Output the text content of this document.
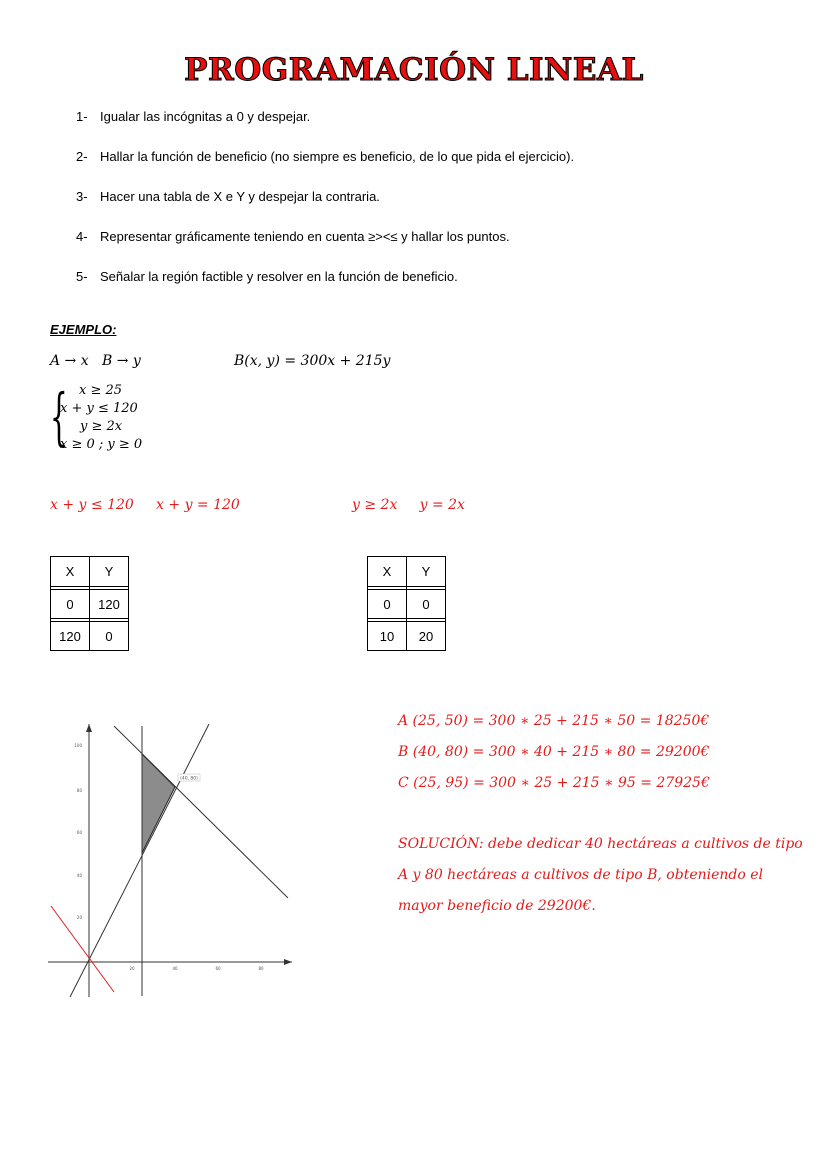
PROGRAMACIÓN LINEAL
1- Igualar las incógnitas a 0 y despejar.
2- Hallar la función de beneficio (no siempre es beneficio, de lo que pida el ejercicio).
3- Hacer una tabla de X e Y y despejar la contraria.
4- Representar gráficamente teniendo en cuenta ≥><≤ y hallar los puntos.
5- Señalar la región factible y resolver en la función de beneficio.
EJEMPLO:
A → x   B → y	B(x, y) = 300x + 215y
{ x ≥ 25
x + y ≤ 120
y ≥ 2x
x ≥ 0 ; y ≥ 0
x + y ≤ 120     x + y = 120	y ≥ 2x     y = 2x
X	Y

0	120

120	0
X	Y

0	0

10	20
100
80
60
40
20
20	40	60	80
(40, 80)
A (25, 50) = 300 ∗ 25 + 215 ∗ 50 = 18250€
B (40, 80) = 300 ∗ 40 + 215 ∗ 80 = 29200€
C (25, 95) = 300 ∗ 25 + 215 ∗ 95 = 27925€
SOLUCIÓN: debe dedicar 40 hectáreas a cultivos de tipo
A y 80 hectáreas a cultivos de tipo B, obteniendo el
mayor beneficio de 29200€.
